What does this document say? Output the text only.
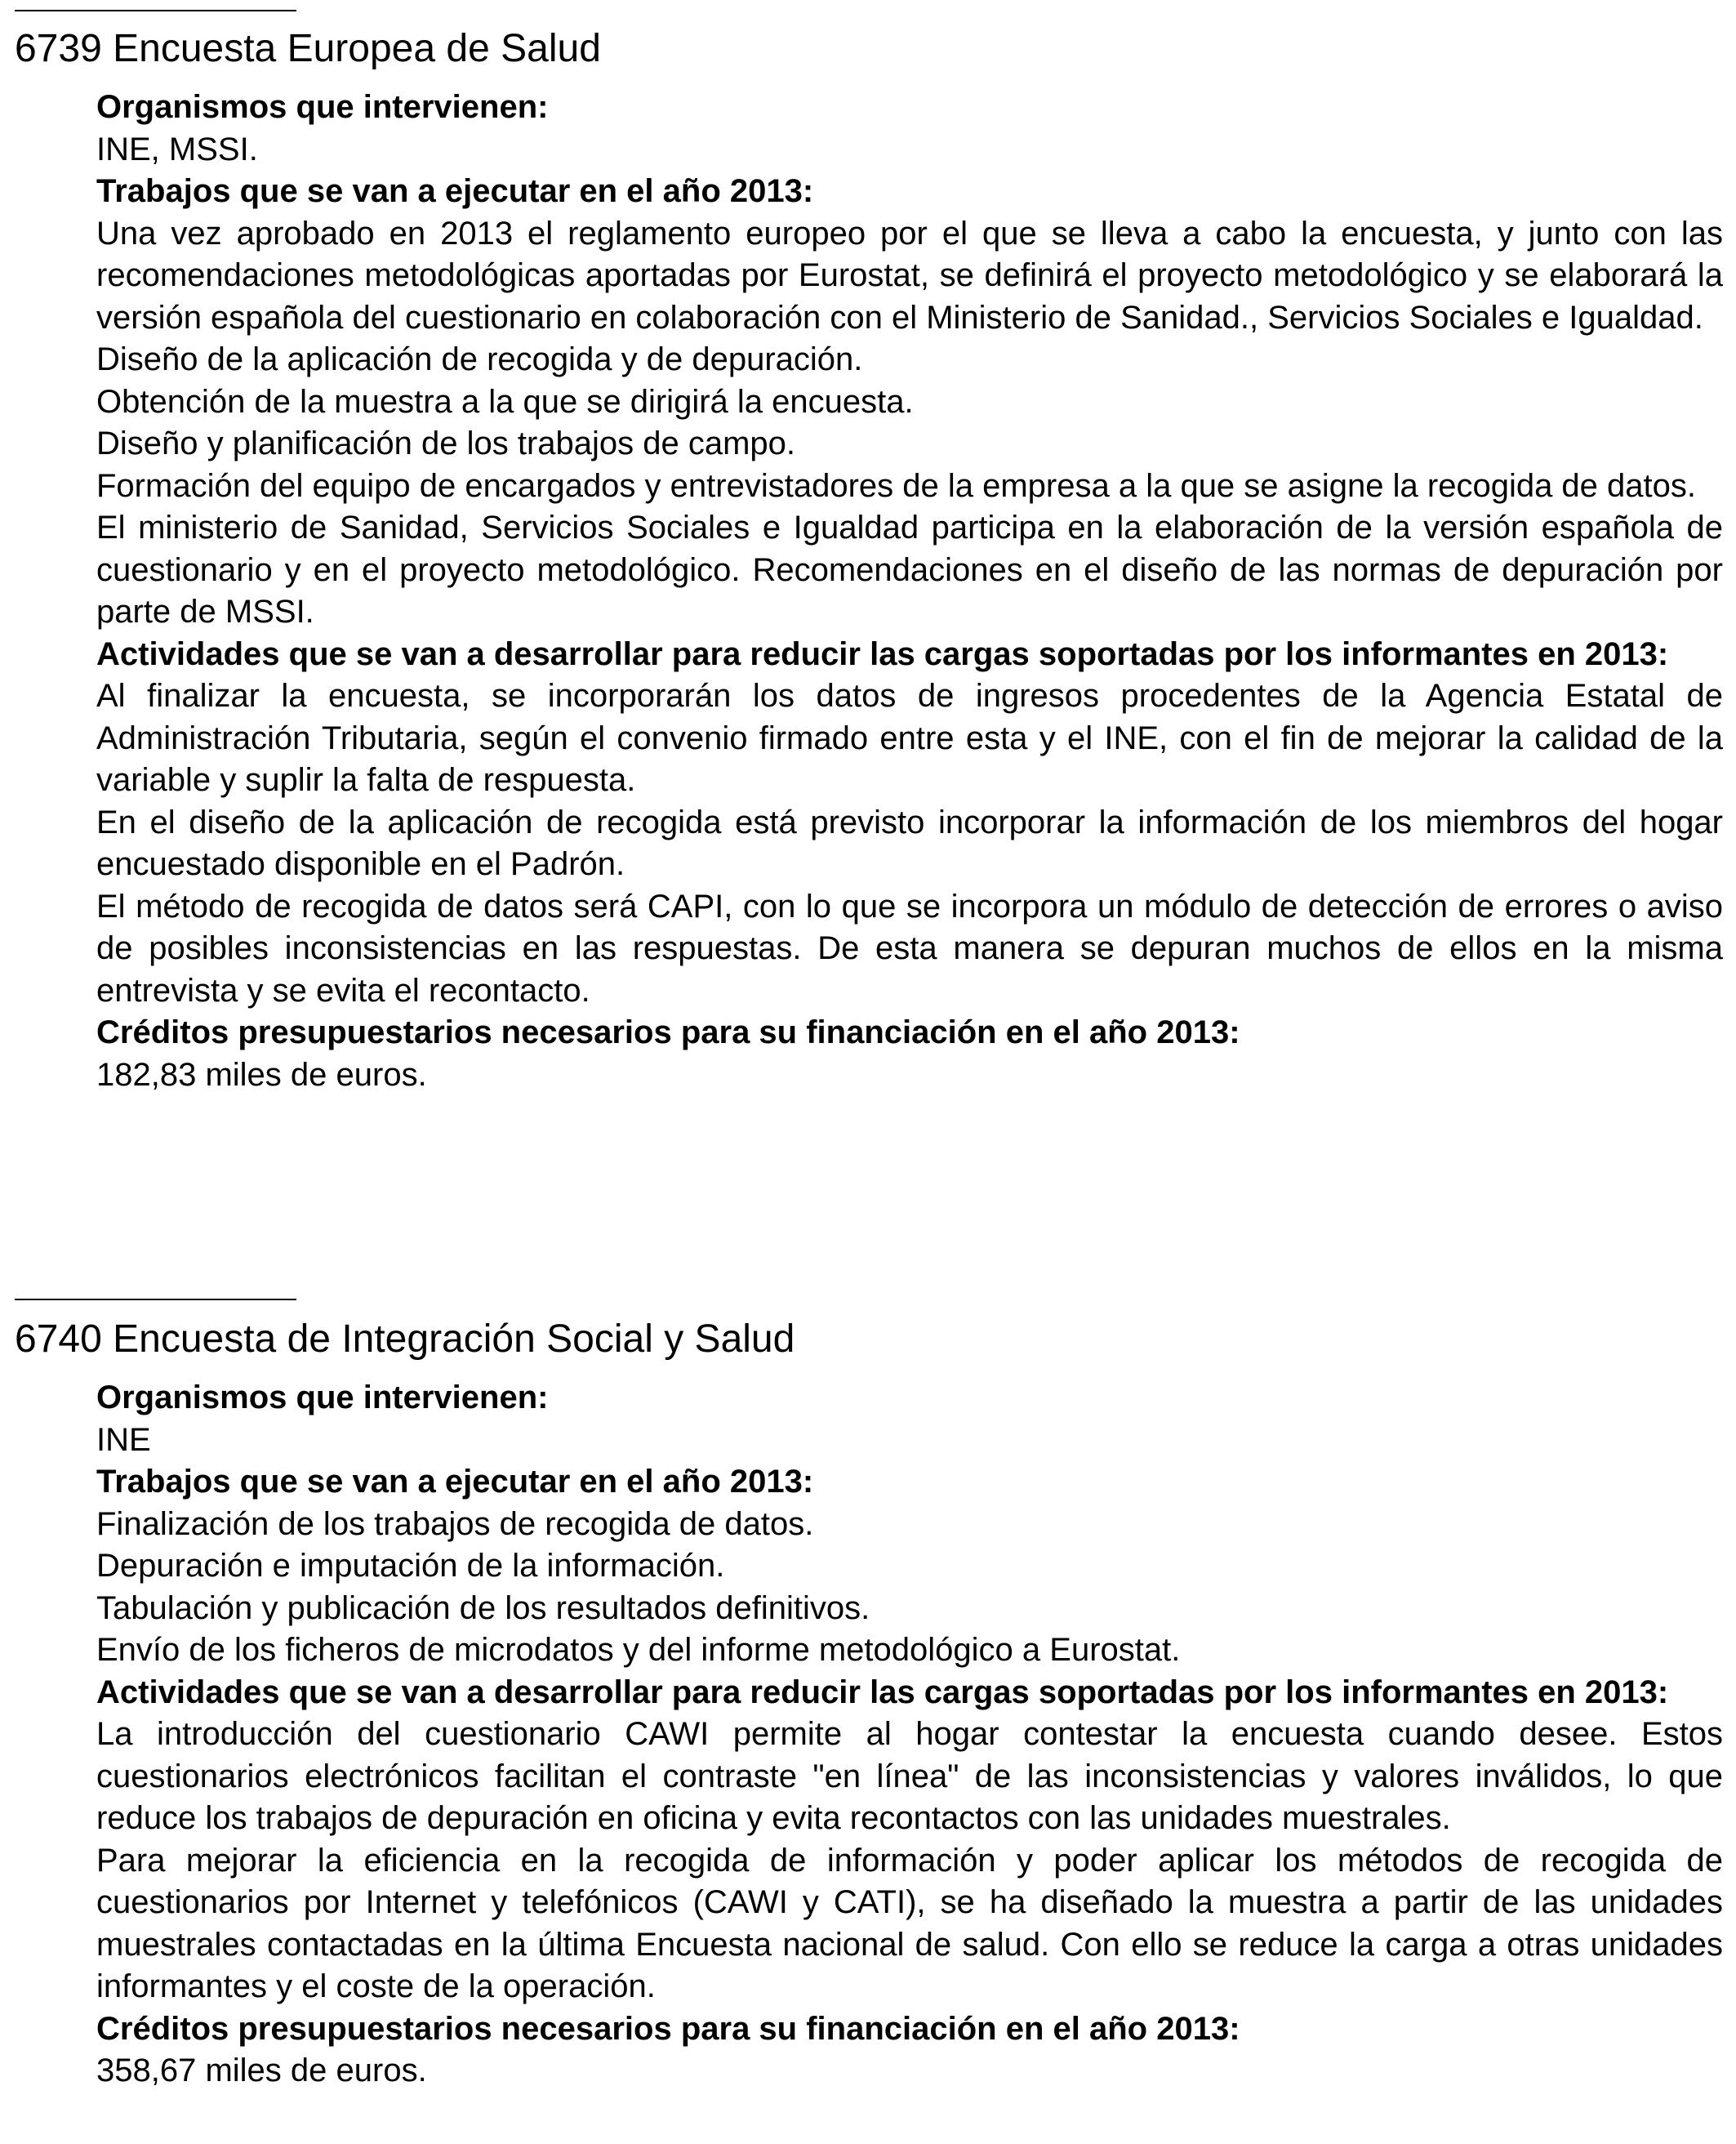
6739 Encuesta Europea de Salud
Organismos que intervienen:
INE, MSSI.
Trabajos que se van a ejecutar en el año 2013:
Una vez aprobado en 2013 el reglamento europeo por el que se lleva a cabo la encuesta, y junto con las recomendaciones metodológicas aportadas por Eurostat, se definirá el proyecto metodológico y se elaborará la versión española del cuestionario en colaboración con el Ministerio de Sanidad., Servicios Sociales e Igualdad.
Diseño de la aplicación de recogida y de depuración.
Obtención de la muestra a la que se dirigirá la encuesta.
Diseño y planificación de los trabajos de campo.
Formación del equipo de encargados y entrevistadores de la empresa a la que se asigne la recogida de datos.
El ministerio de Sanidad, Servicios Sociales e Igualdad participa en la elaboración de la versión española de cuestionario y en el proyecto metodológico. Recomendaciones en el diseño de las normas de depuración por parte de MSSI.
Actividades que se van a desarrollar para reducir las cargas soportadas por los informantes en 2013:
Al finalizar la encuesta, se incorporarán los datos de ingresos procedentes de la Agencia Estatal de Administración Tributaria, según el convenio firmado entre esta y el INE, con el fin de mejorar la calidad de la variable y suplir la falta de respuesta.
En el diseño de la aplicación de recogida está previsto incorporar la información de los miembros del hogar encuestado disponible en el Padrón.
El método de recogida de datos será CAPI, con lo que se incorpora un módulo de detección de errores o aviso de posibles inconsistencias en las respuestas. De esta manera se depuran muchos de ellos en la misma entrevista y se evita el recontacto.
Créditos presupuestarios necesarios para su financiación en el año 2013:
182,83 miles de euros.
6740 Encuesta de Integración Social y Salud
Organismos que intervienen:
INE
Trabajos que se van a ejecutar en el año 2013:
Finalización de los trabajos de recogida de datos.
Depuración e imputación de la información.
Tabulación y publicación de los resultados definitivos.
Envío de los ficheros de microdatos y del informe metodológico a Eurostat.
Actividades que se van a desarrollar para reducir las cargas soportadas por los informantes en 2013:
La introducción del cuestionario CAWI permite al hogar contestar la encuesta cuando desee. Estos cuestionarios electrónicos facilitan el contraste "en línea" de las inconsistencias y valores inválidos, lo que reduce los trabajos de depuración en oficina y evita recontactos con las unidades muestrales.
Para mejorar la eficiencia en la recogida de información y poder aplicar los métodos de recogida de cuestionarios por Internet y telefónicos (CAWI y CATI), se ha diseñado la muestra a partir de las unidades muestrales contactadas en la última Encuesta nacional de salud. Con ello se reduce la carga a otras unidades informantes y el coste de la operación.
Créditos presupuestarios necesarios para su financiación en el año 2013:
358,67 miles de euros.
